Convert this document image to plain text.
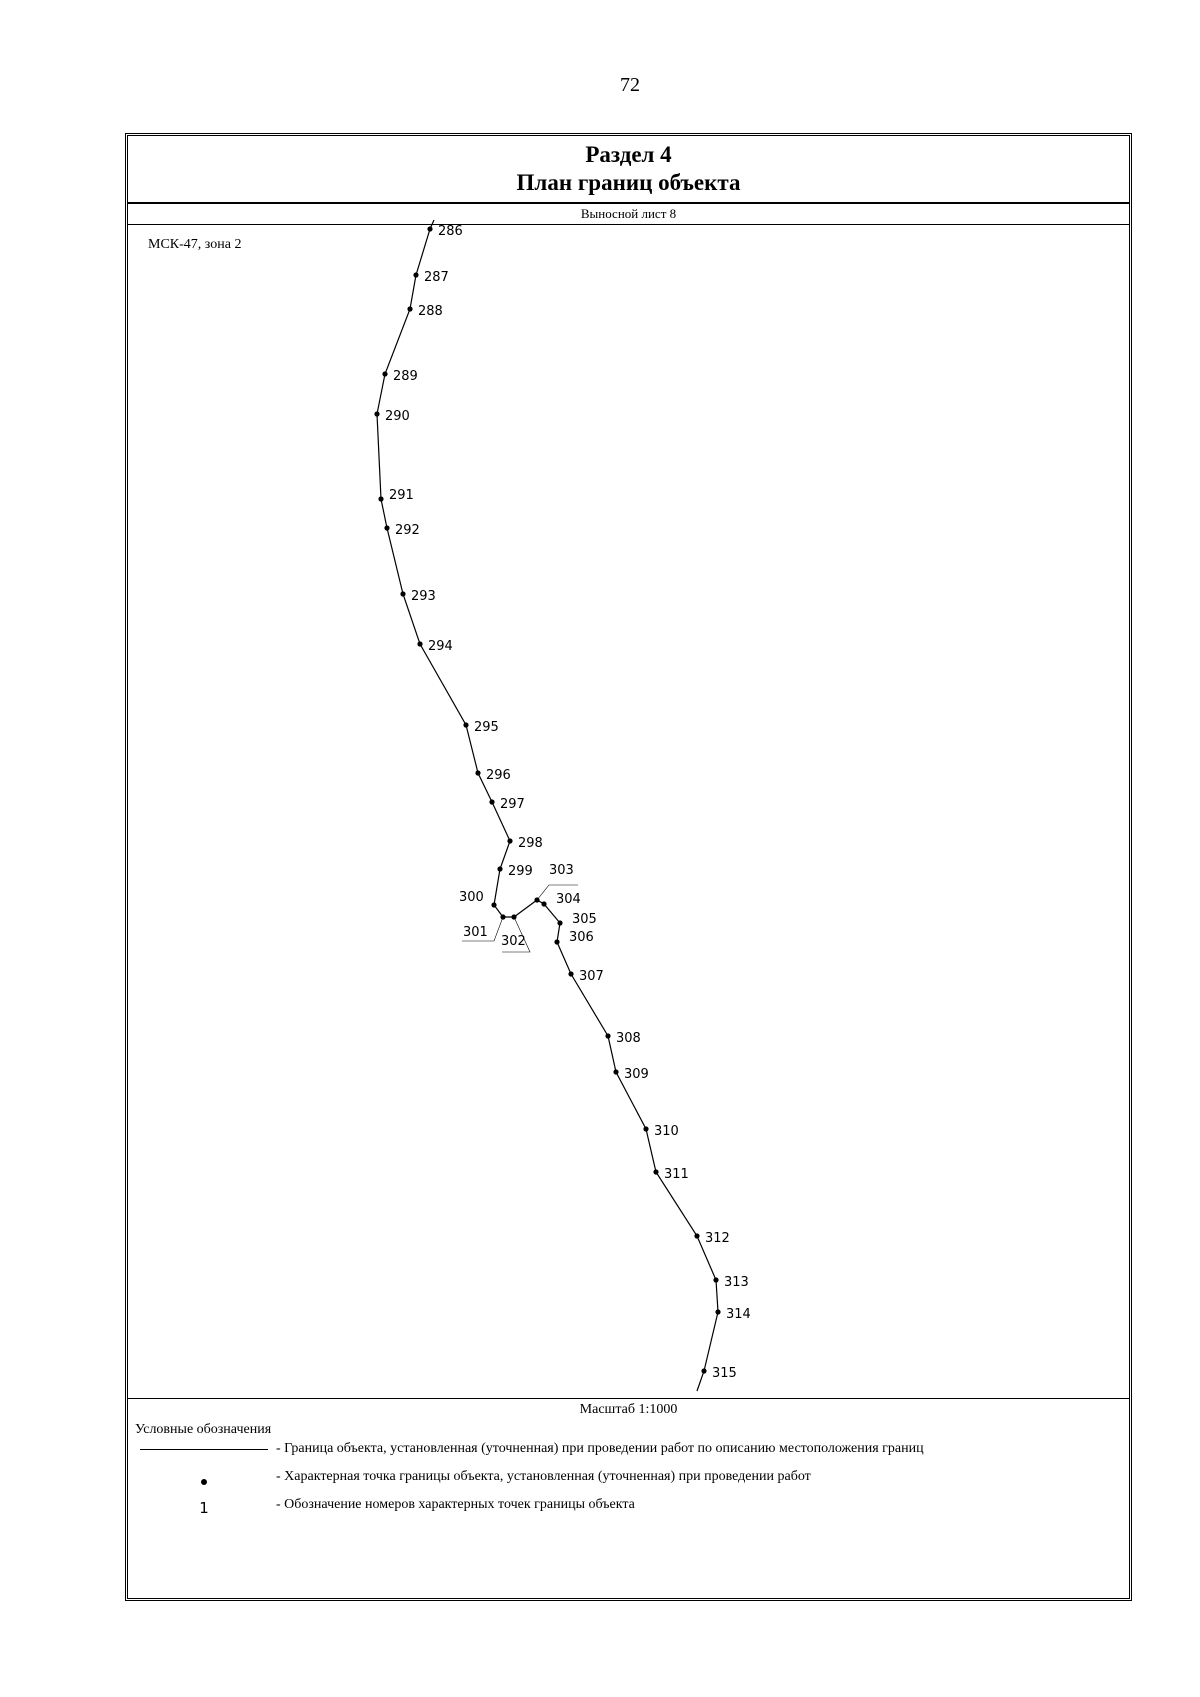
72
Раздел 4
План границ объекта
Выносной лист 8
МСК-47, зона 2
Масштаб 1:1000
Условные обозначения
- Граница объекта, установленная (уточненная) при проведении работ по описанию местоположения границ
- Характерная точка границы объекта, установленная (уточненная) при проведении работ
1	- Обозначение номеров характерных точек границы объекта
286
287
288
289
290
291
292
293
294
295
296
297
298
299
300
301
302
303
304
305
306
307
308
309
310
311
312
313
314
315
